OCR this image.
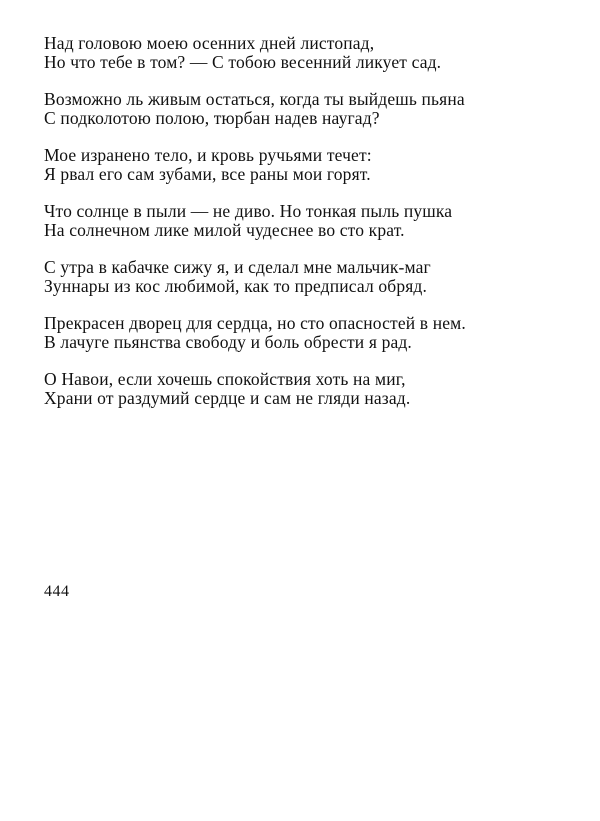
Над головою моею осенних дней листопад,
Но что тебе в том? — С тобою весенний ликует сад.
Возможно ль живым остаться, когда ты выйдешь пьяна
С подколотою полою, тюрбан надев наугад?
Мое изранено тело, и кровь ручьями течет:
Я рвал его сам зубами, все раны мои горят.
Что солнце в пыли — не диво. Но тонкая пыль пушка
На солнечном лике милой чудеснее во сто крат.
С утра в кабачке сижу я, и сделал мне мальчик-маг
Зуннары из кос любимой, как то предписал обряд.
Прекрасен дворец для сердца, но сто опасностей в нем.
В лачуге пьянства свободу и боль обрести я рад.
О Навои, если хочешь спокойствия хоть на миг,
Храни от раздумий сердце и сам не гляди назад.
444
